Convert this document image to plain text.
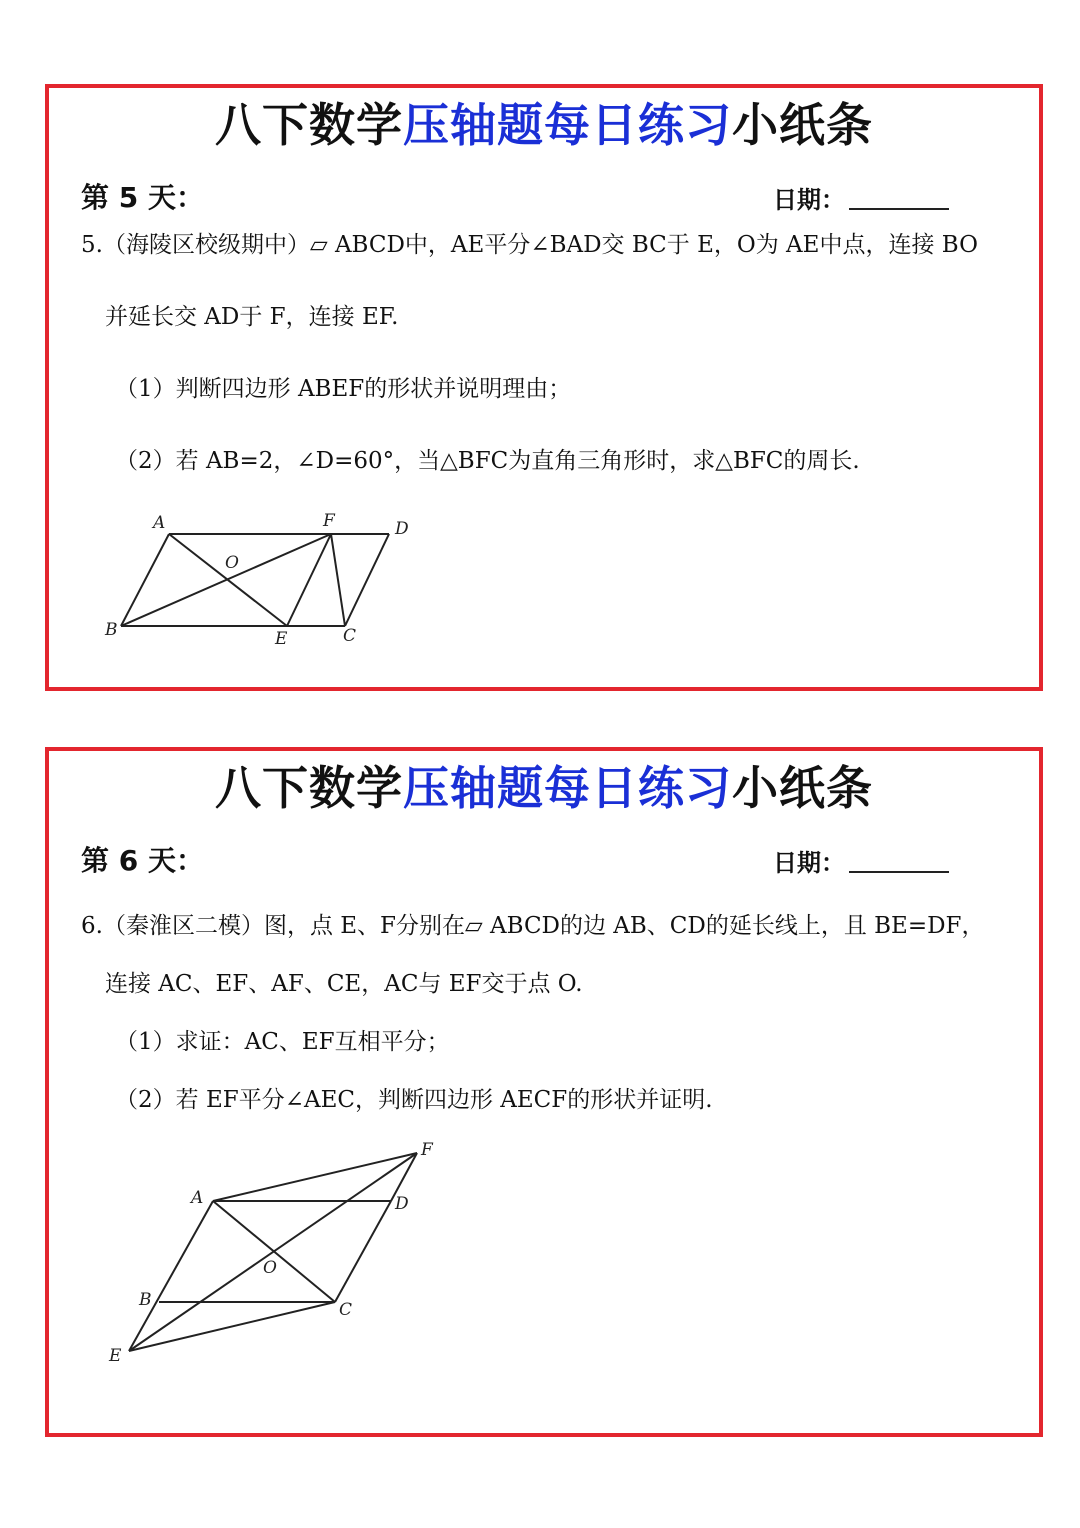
八下数学压轴题每日练习小纸条
第 5 天：	日期：
5.（海陵区校级期中）▱ ABCD中，AE平分∠BAD交 BC于 E，O为 AE中点，连接 BO
并延长交 AD于 F，连接 EF.
（1）判断四边形 ABEF的形状并说明理由；
（2）若 AB=2，∠D=60°，当△BFC为直角三角形时，求△BFC的周长.
A	F	D
O
B	E	C
八下数学压轴题每日练习小纸条
第 6 天：	日期：
6.（秦淮区二模）图，点 E、F分别在▱ ABCD的边 AB、CD的延长线上，且 BE=DF，
连接 AC、EF、AF、CE，AC与 EF交于点 O.
（1）求证：AC、EF互相平分；
（2）若 EF平分∠AEC，判断四边形 AECF的形状并证明.
A
F
D
O
B
E
C
